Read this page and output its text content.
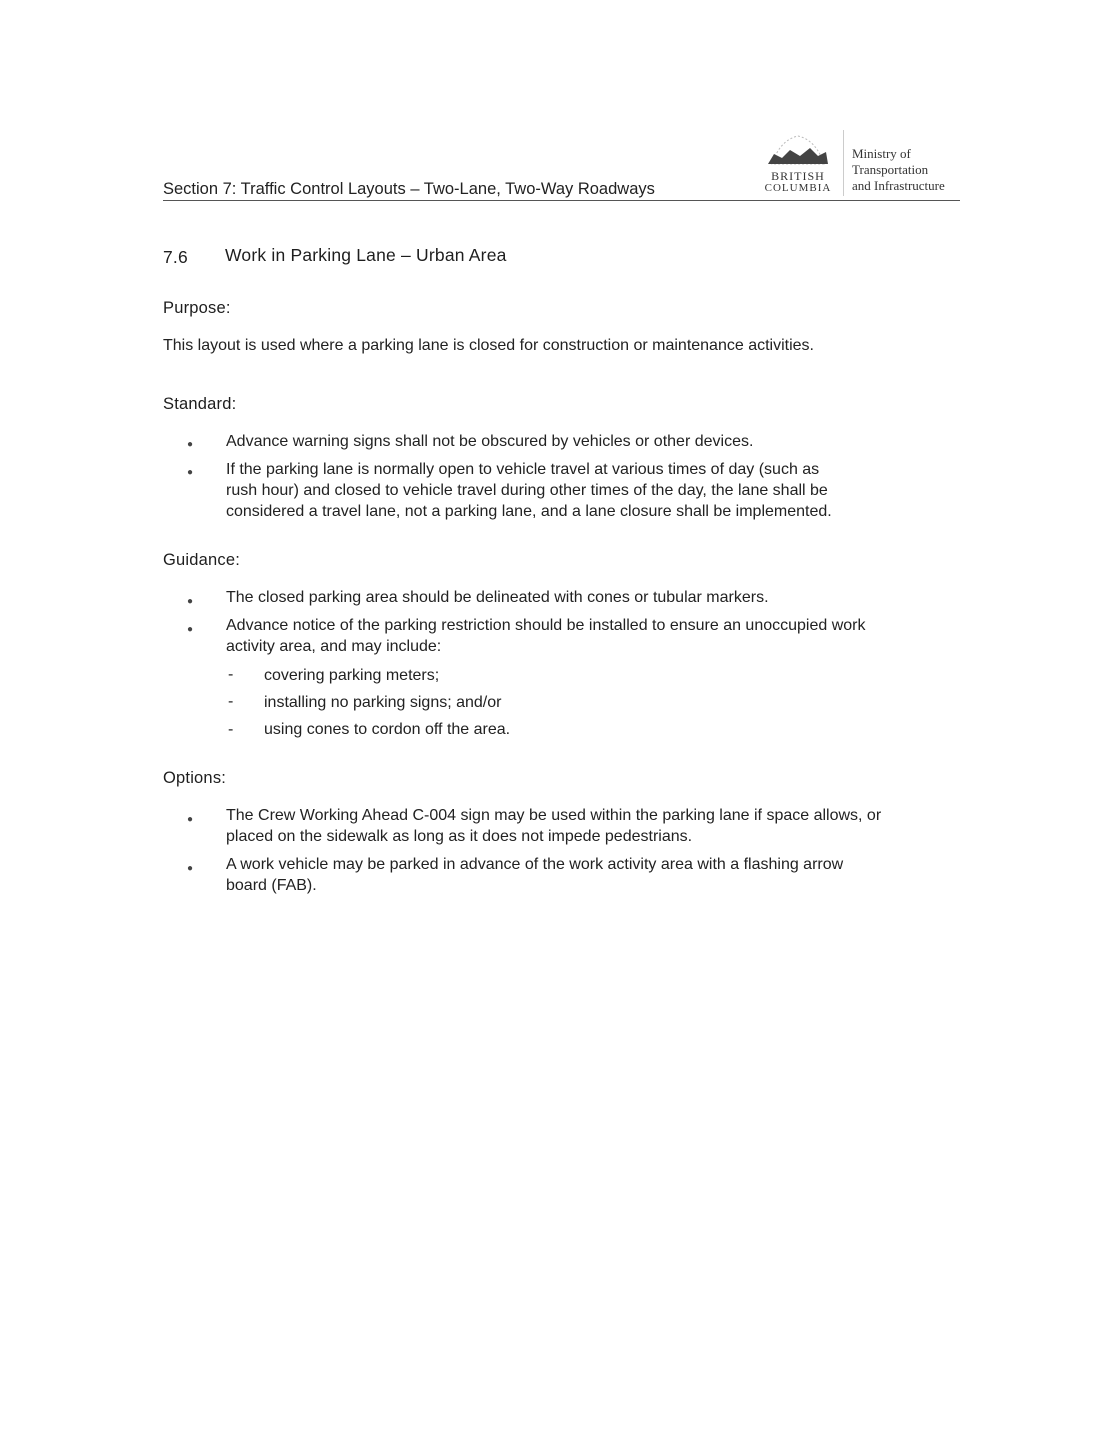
Section 7: Traffic Control Layouts – Two-Lane, Two-Way Roadways
BRITISH
COLUMBIA
Ministry of
Transportation
and Infrastructure
7.6 Work in Parking Lane – Urban Area
Purpose:
This layout is used where a parking lane is closed for construction or maintenance activities.
Standard:
● Advance warning signs shall not be obscured by vehicles or other devices.
● If the parking lane is normally open to vehicle travel at various times of day (such as
rush hour) and closed to vehicle travel during other times of the day, the lane shall be
considered a travel lane, not a parking lane, and a lane closure shall be implemented.
Guidance:
● The closed parking area should be delineated with cones or tubular markers.
● Advance notice of the parking restriction should be installed to ensure an unoccupied work
activity area, and may include:
- covering parking meters;
- installing no parking signs; and/or
- using cones to cordon off the area.
Options:
● The Crew Working Ahead C-004 sign may be used within the parking lane if space allows, or
placed on the sidewalk as long as it does not impede pedestrians.
● A work vehicle may be parked in advance of the work activity area with a flashing arrow
board (FAB).
